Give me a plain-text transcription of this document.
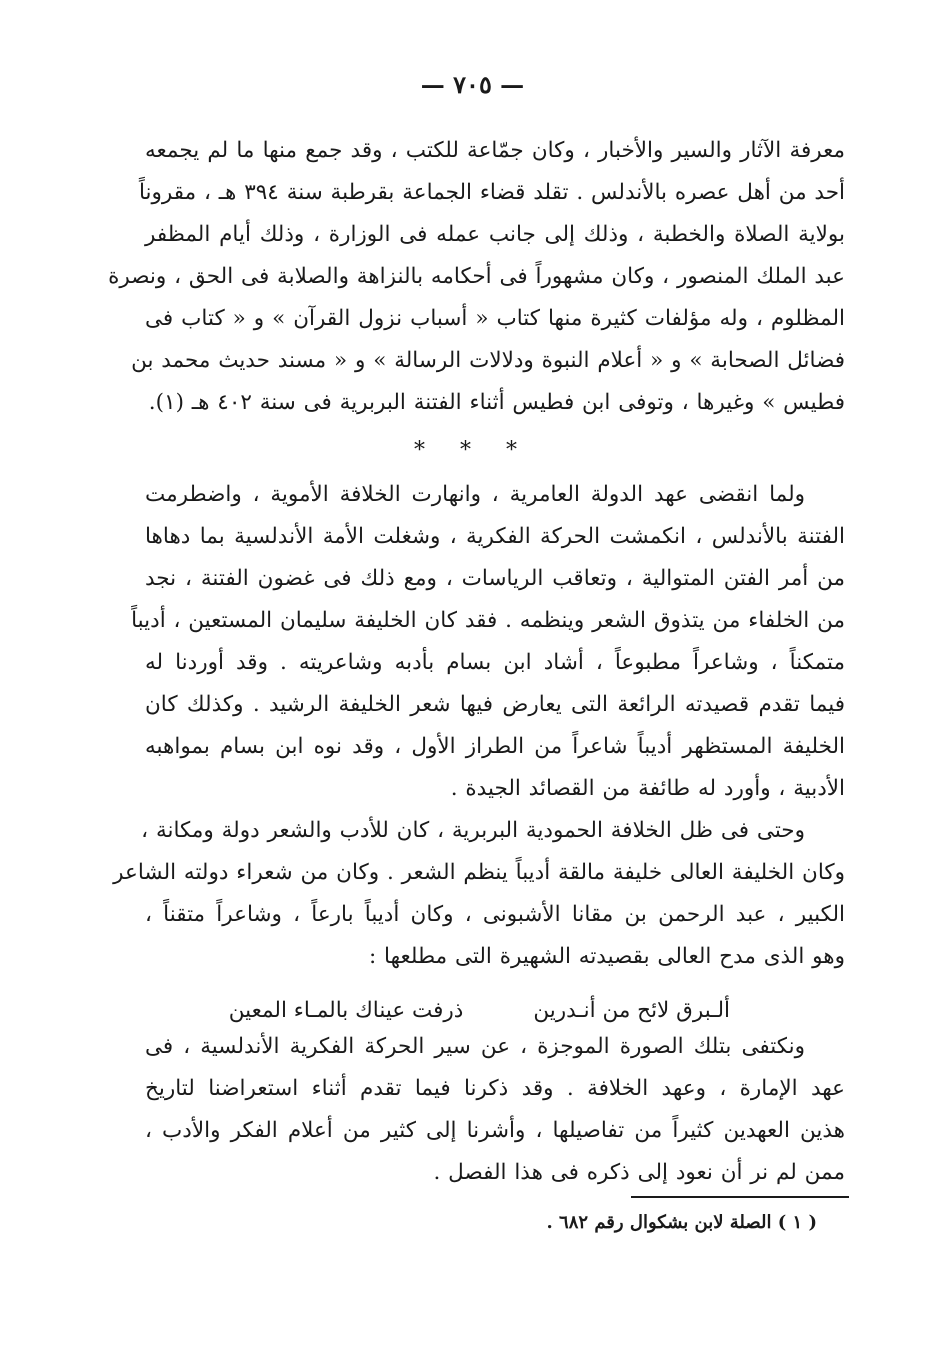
— ٧٠٥ —
معرفة الآثار والسير والأخبار ، وكان جمّاعة للكتب ، وقد جمع منها ما لم يجمعه
أحد من أهل عصره بالأندلس . تقلد قضاء الجماعة بقرطبة سنة ٣٩٤ هـ ، مقروناً
بولاية الصلاة والخطبة ، وذلك إلى جانب عمله فى الوزارة ، وذلك أيام المظفر
عبد الملك المنصور ، وكان مشهوراً فى أحكامه بالنزاهة والصلابة فى الحق ، ونصرة
المظلوم ، وله مؤلفات كثيرة منها كتاب « أسباب نزول القرآن » و « كتاب فى
فضائل الصحابة » و « أعلام النبوة ودلالات الرسالة » و « مسند حديث محمد بن
فطيس » وغيرها ، وتوفى ابن فطيس أثناء الفتنة البربرية فى سنة ٤٠٢ هـ (١).
* * *
ولما انقضى عهد الدولة العامرية ، وانهارت الخلافة الأموية ، واضطرمت
الفتنة بالأندلس ، انكمشت الحركة الفكرية ، وشغلت الأمة الأندلسية بما دهاها
من أمر الفتن المتوالية ، وتعاقب الرياسات ، ومع ذلك فى غضون الفتنة ، نجد
من الخلفاء من يتذوق الشعر وينظمه . فقد كان الخليفة سليمان المستعين ، أديباً
متمكناً ، وشاعراً مطبوعاً ، أشاد ابن بسام بأدبه وشاعريته . وقد أوردنا له
فيما تقدم قصيدته الرائعة التى يعارض فيها شعر الخليفة الرشيد . وكذلك كان
الخليفة المستظهر أديباً شاعراً من الطراز الأول ، وقد نوه ابن بسام بمواهبه
الأدبية ، وأورد له طائفة من القصائد الجيدة .
وحتى فى ظل الخلافة الحمودية البربرية ، كان للأدب والشعر دولة ومكانة ،
وكان الخليفة العالى خليفة مالقة أديباً ينظم الشعر . وكان من شعراء دولته الشاعر
الكبير ، عبد الرحمن بن مقانا الأشبونى ، وكان أديباً بارعاً ، وشاعراً متقناً ،
وهو الذى مدح العالى بقصيدته الشهيرة التى مطلعها :
ألـبرق لائح من أنـدرين
ذرفت عيناك بالمـاء المعين
ونكتفى بتلك الصورة الموجزة ، عن سير الحركة الفكرية الأندلسية ، فى
عهد الإمارة ، وعهد الخلافة . وقد ذكرنا فيما تقدم أثناء استعراضنا لتاريخ
هذين العهدين كثيراً من تفاصيلها ، وأشرنا إلى كثير من أعلام الفكر والأدب ،
ممن لم نر أن نعود إلى ذكره فى هذا الفصل .
( ١ ) الصلة لابن بشكوال رقم ٦٨٢ .
